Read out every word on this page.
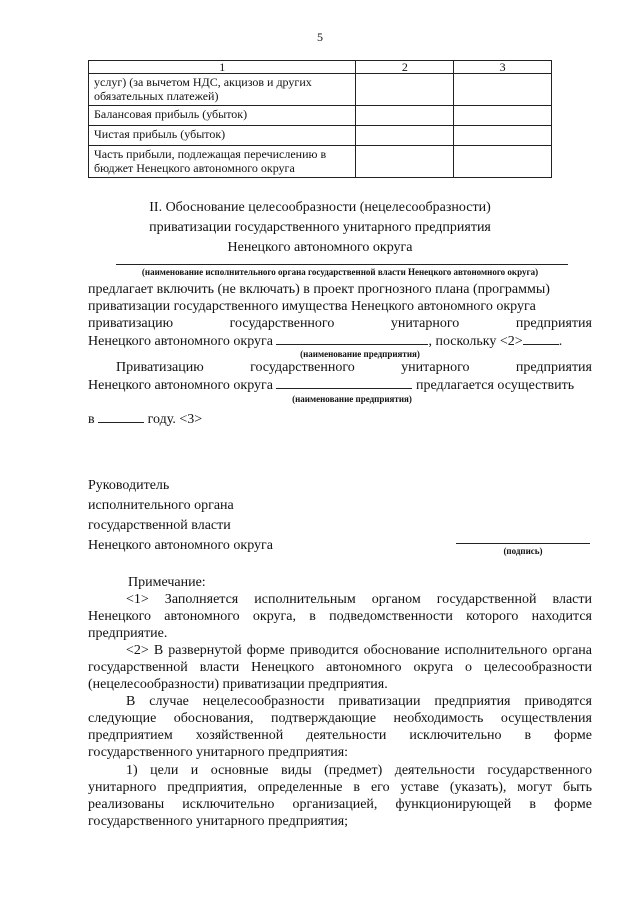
5
1	2	3
услуг) (за вычетом НДС, акцизов и других обязательных платежей)		
Балансовая прибыль (убыток)		
Чистая прибыль (убыток)		
Часть прибыли, подлежащая перечислению в бюджет Ненецкого автономного округа		
II. Обоснование целесообразности (нецелесообразности)
приватизации государственного унитарного предприятия
Ненецкого автономного округа
(наименование исполнительного органа государственной власти Ненецкого автономного округа)
предлагает включить (не включать) в проект прогнозного плана (программы)
приватизации государственного имущества Ненецкого автономного округа
приватизацию	государственного	унитарного	предприятия
Ненецкого автономного округа	, поскольку <2>	.
(наименование предприятия)
Приватизацию	государственного	унитарного	предприятия
Ненецкого автономного округа	предлагается осуществить
(наименование предприятия)
в	году. <3>
Руководитель
исполнительного органа
государственной власти
Ненецкого автономного округа	(подпись)
Примечание:
<1> Заполняется исполнительным органом государственной власти Ненецкого автономного округа, в подведомственности которого находится предприятие.
<2> В развернутой форме приводится обоснование исполнительного органа государственной власти Ненецкого автономного округа о целесообразности (нецелесообразности) приватизации предприятия.
В случае нецелесообразности приватизации предприятия приводятся следующие обоснования, подтверждающие необходимость осуществления предприятием хозяйственной деятельности исключительно в форме государственного унитарного предприятия:
1) цели и основные виды (предмет) деятельности государственного унитарного предприятия, определенные в его уставе (указать), могут быть реализованы исключительно организацией, функционирующей в форме государственного унитарного предприятия;
